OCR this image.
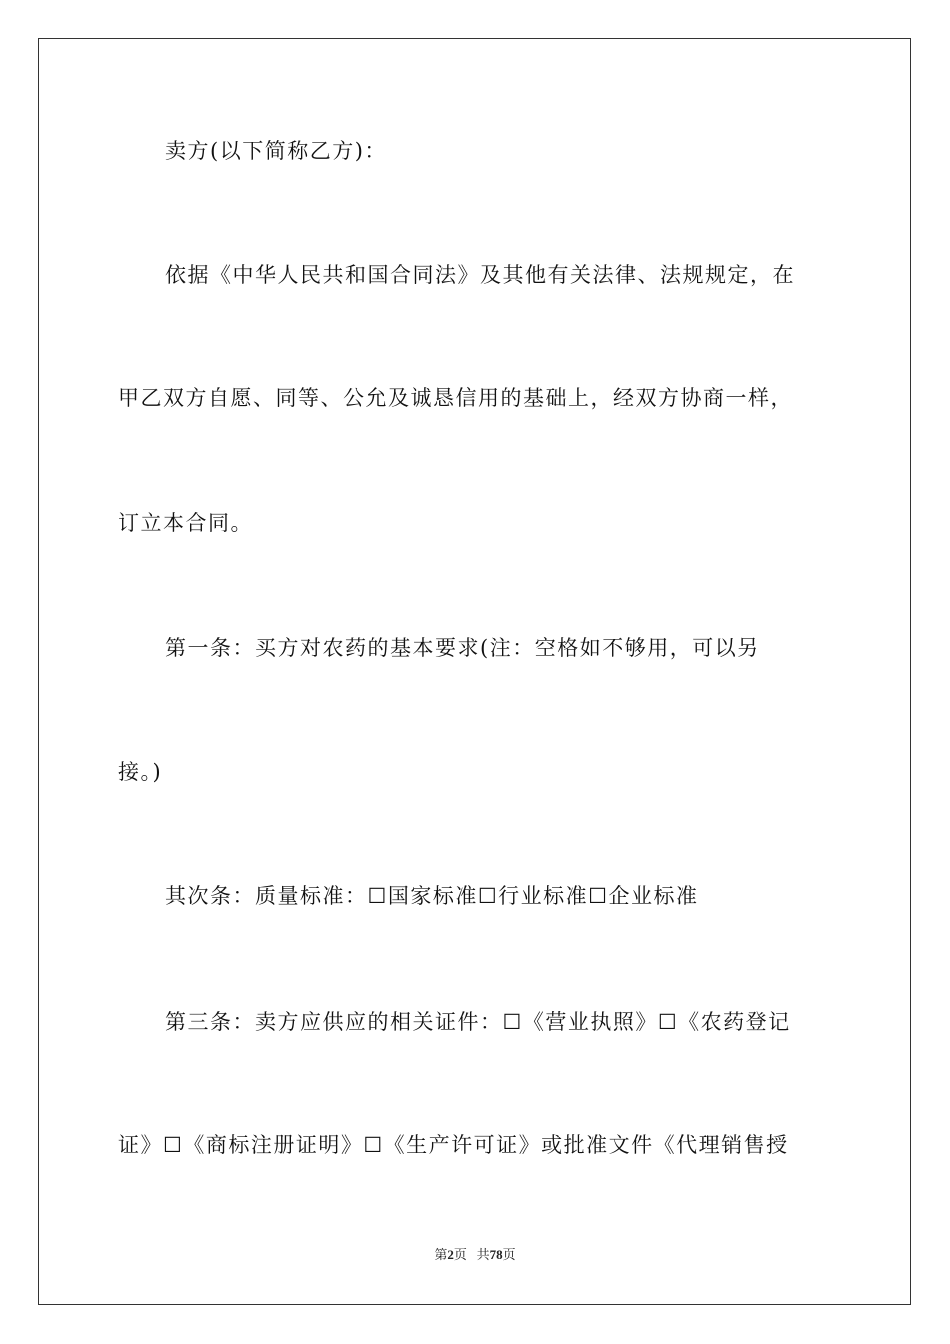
卖方(以下简称乙方)：
依据《中华人民共和国合同法》及其他有关法律、法规规定，在
甲乙双方自愿、同等、公允及诚恳信用的基础上，经双方协商一样，
订立本合同。
第一条：买方对农药的基本要求(注：空格如不够用，可以另
接。)
其次条：质量标准：☐国家标准☐行业标准☐企业标准
第三条：卖方应供应的相关证件：☐《营业执照》☐《农药登记
证》☐《商标注册证明》☐《生产许可证》或批准文件《代理销售授
第2页 共78页
